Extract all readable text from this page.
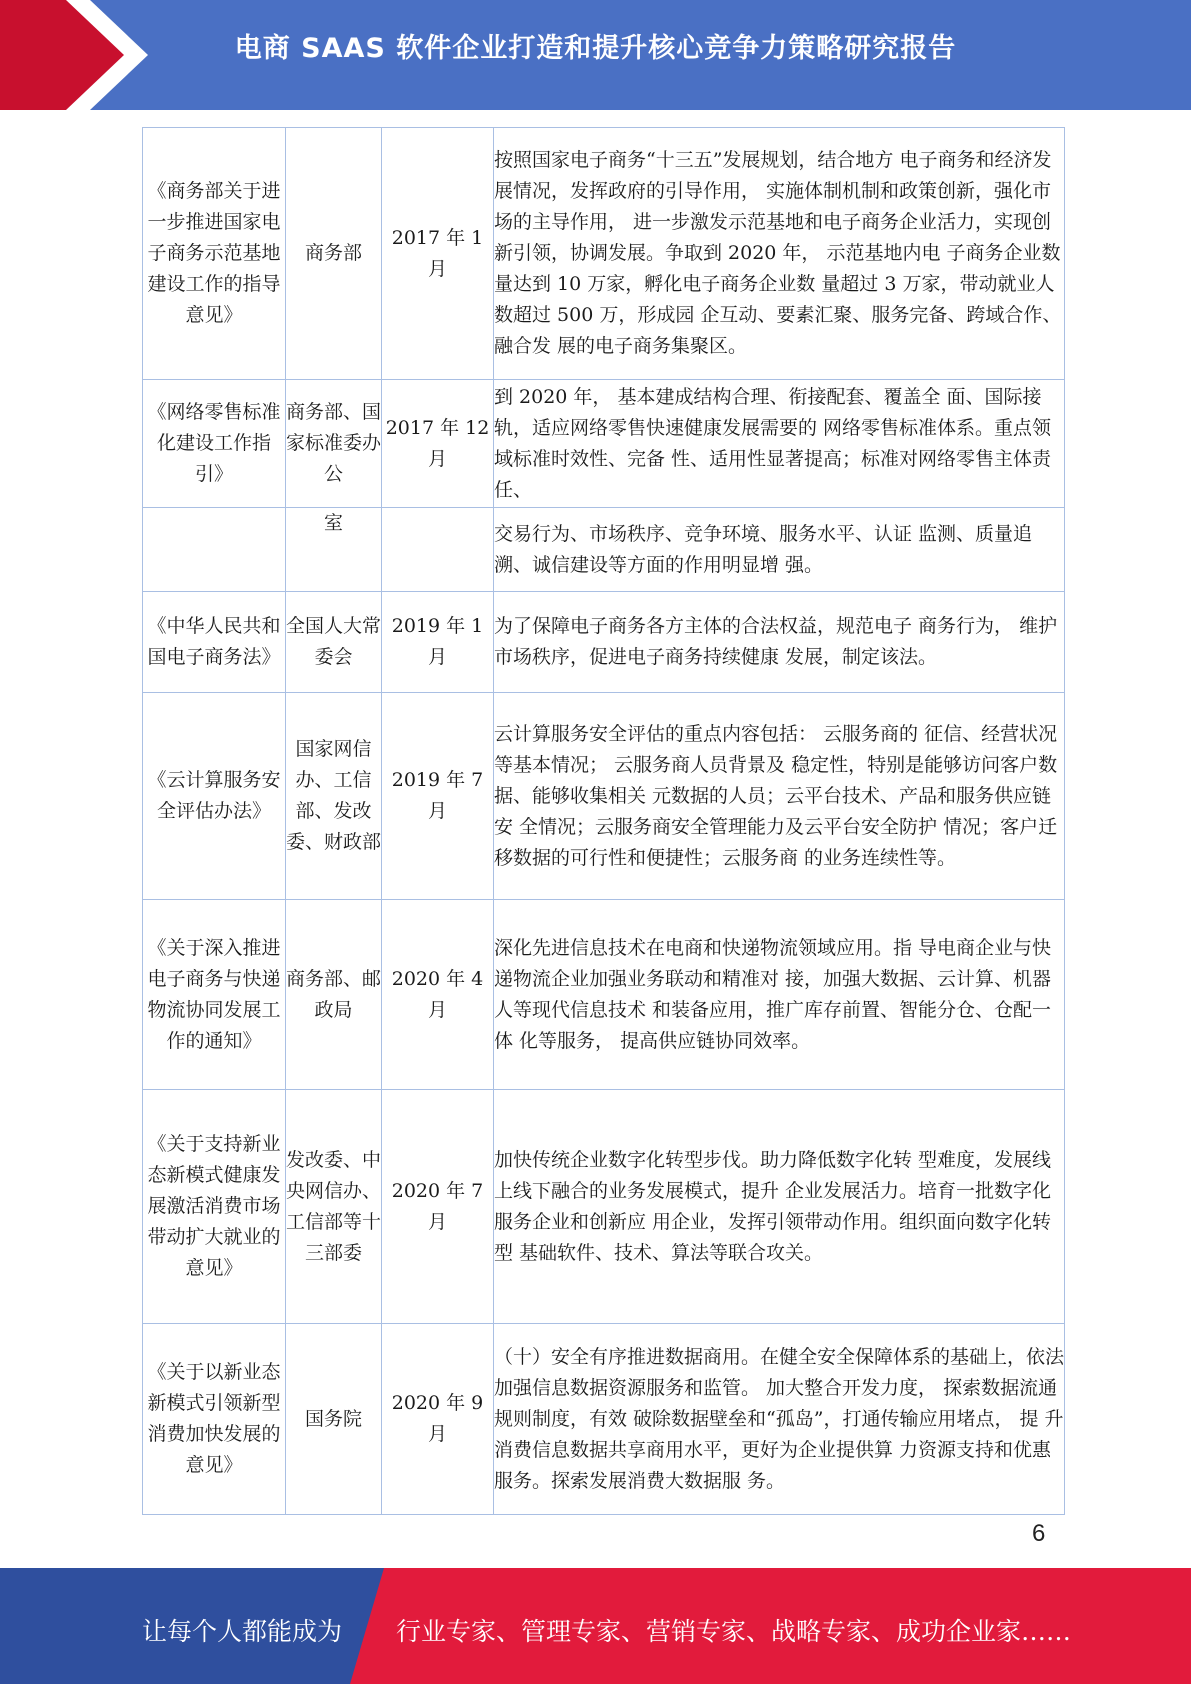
电商 SAAS 软件企业打造和提升核心竞争力策略研究报告
《商务部关于进一步推进国家电子商务示范基地建设工作的指导意见》	商务部	2017 年 1 月	按照国家电子商务“十三五”发展规划，结合地方 电子商务和经济发展情况，发挥政府的引导作用， 实施体制机制和政策创新，强化市场的主导作用， 进一步激发示范基地和电子商务企业活力，实现创 新引领，协调发展。争取到 2020 年， 示范基地内电 子商务企业数量达到 10 万家，孵化电子商务企业数 量超过 3 万家，带动就业人数超过 500 万，形成园 企互动、要素汇聚、服务完备、跨域合作、融合发 展的电子商务集聚区。
《网络零售标准化建设工作指引》	商务部、国家标准委办公	2017 年 12 月	到 2020 年， 基本建成结构合理、衔接配套、覆盖全 面、国际接轨，适应网络零售快速健康发展需要的 网络零售标准体系。重点领域标准时效性、完备 性、适用性显著提高；标准对网络零售主体责任、
	室		交易行为、市场秩序、竞争环境、服务水平、认证 监测、质量追溯、诚信建设等方面的作用明显增 强。
《中华人民共和国电子商务法》	全国人大常委会	2019 年 1 月	为了保障电子商务各方主体的合法权益，规范电子 商务行为， 维护市场秩序，促进电子商务持续健康 发展，制定该法。
《云计算服务安全评估办法》	国家网信办、工信部、发改委、财政部	2019 年 7 月	云计算服务安全评估的重点内容包括： 云服务商的 征信、经营状况等基本情况； 云服务商人员背景及 稳定性，特别是能够访问客户数据、能够收集相关 元数据的人员；云平台技术、产品和服务供应链安 全情况；云服务商安全管理能力及云平台安全防护 情况；客户迁移数据的可行性和便捷性；云服务商 的业务连续性等。
《关于深入推进电子商务与快递物流协同发展工作的通知》	商务部、邮政局	2020 年 4 月	深化先进信息技术在电商和快递物流领域应用。指 导电商企业与快递物流企业加强业务联动和精准对 接，加强大数据、云计算、机器人等现代信息技术 和装备应用，推广库存前置、智能分仓、仓配一体 化等服务， 提高供应链协同效率。
《关于支持新业态新模式健康发展激活消费市场带动扩大就业的意见》	发改委、中央网信办、工信部等十三部委	2020 年 7 月	加快传统企业数字化转型步伐。助力降低数字化转 型难度，发展线上线下融合的业务发展模式，提升 企业发展活力。培育一批数字化服务企业和创新应 用企业，发挥引领带动作用。组织面向数字化转型 基础软件、技术、算法等联合攻关。
《关于以新业态新模式引领新型消费加快发展的意见》	国务院	2020 年 9 月	（十）安全有序推进数据商用。在健全安全保障体系的基础上，依法加强信息数据资源服务和监管。 加大整合开发力度， 探索数据流通规则制度，有效 破除数据壁垒和“孤岛”，打通传输应用堵点， 提 升消费信息数据共享商用水平，更好为企业提供算 力资源支持和优惠服务。探索发展消费大数据服 务。
6
让每个人都能成为 行业专家、管理专家、营销专家、战略专家、成功企业家……
